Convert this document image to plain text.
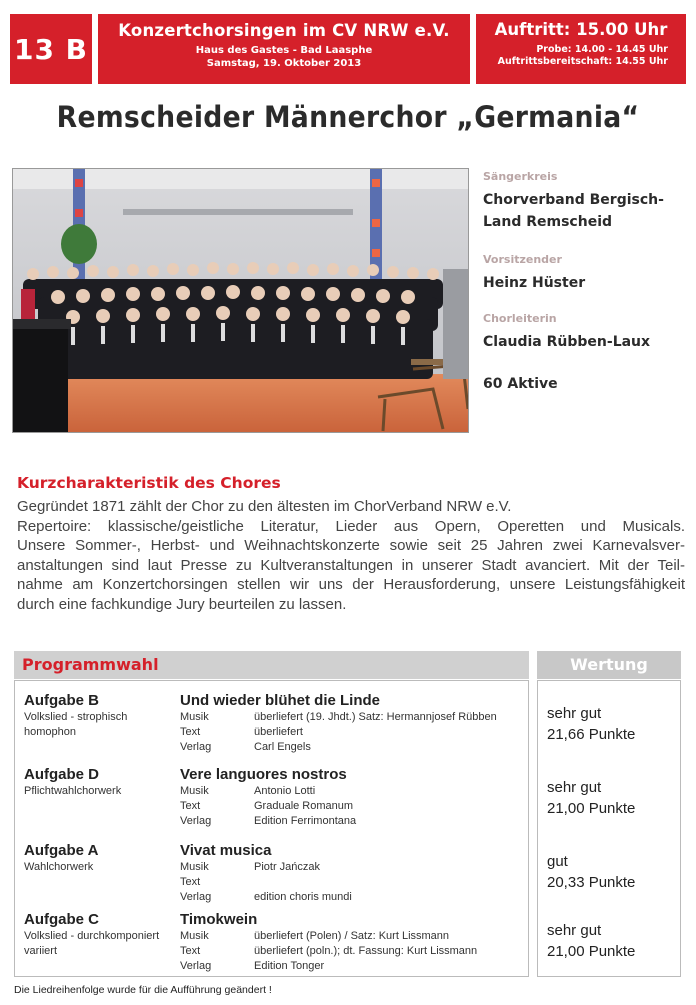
13 B
Konzertchorsingen im CV NRW e.V.
Haus des Gastes - Bad Laasphe
Samstag, 19. Oktober 2013
Auftritt: 15.00 Uhr
Probe: 14.00 - 14.45 Uhr
Auftrittsbereitschaft: 14.55 Uhr
Remscheider Männerchor „Germania“
Sängerkreis
Chorverband Bergisch-
Land Remscheid
Vorsitzender
Heinz Hüster
Chorleiterin
Claudia Rübben-Laux
60 Aktive
Kurzcharakteristik des Chores
Gegründet 1871 zählt der Chor zu den ältesten im ChorVerband NRW e.V.
Repertoire: klassische/geistliche Literatur, Lieder aus Opern, Operetten und Musicals.
Unsere Sommer-, Herbst- und Weihnachtskonzerte sowie seit 25 Jahren zwei Karnevalsver-
anstaltungen sind laut Presse zu Kultveranstaltungen in unserer Stadt avanciert. Mit der Teil-
nahme am Konzertchorsingen stellen wir uns der Herausforderung, unsere Leistungsfähigkeit
durch eine fachkundige Jury beurteilen zu lassen.
Programmwahl	Wertung
Aufgabe B
Volkslied - strophisch
homophon
Und wieder blühet die Linde
Musik	überliefert (19. Jhdt.) Satz: Hermannjosef Rübben
Text	überliefert
Verlag	Carl Engels
sehr gut
21,66 Punkte
Aufgabe D
Pflichtwahlchorwerk
Vere languores nostros
Musik	Antonio Lotti
Text	Graduale Romanum
Verlag	Edition Ferrimontana
sehr gut
21,00 Punkte
Aufgabe A
Wahlchorwerk
Vivat musica
Musik	Piotr Jańczak
Text
Verlag	edition choris mundi
gut
20,33 Punkte
Aufgabe C
Volkslied - durchkomponiert
variiert
Timokwein
Musik	überliefert (Polen) / Satz: Kurt Lissmann
Text	überliefert (poln.); dt. Fassung: Kurt Lissmann
Verlag	Edition Tonger
sehr gut
21,00 Punkte
Die Liedreihenfolge wurde für die Aufführung geändert !
